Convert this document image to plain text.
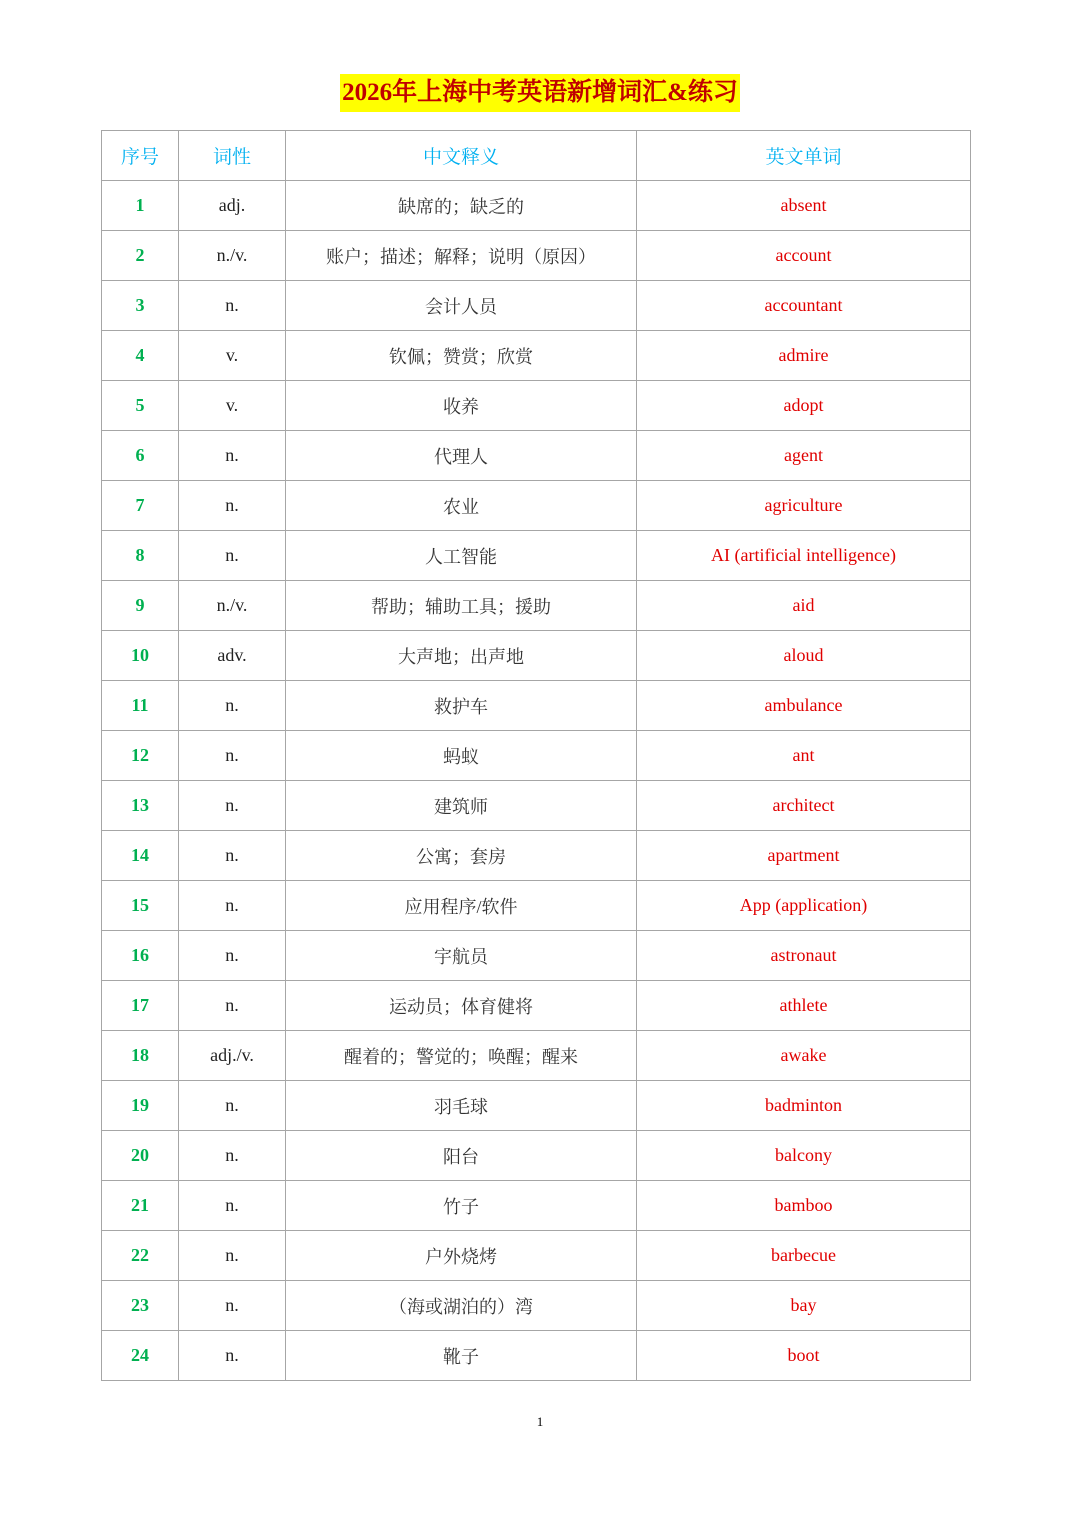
2026年上海中考英语新增词汇&练习
序号	词性	中文释义	英文单词
1	adj.	缺席的；缺乏的	absent
2	n./v.	账户；描述；解释；说明（原因）	account
3	n.	会计人员	accountant
4	v.	钦佩；赞赏；欣赏	admire
5	v.	收养	adopt
6	n.	代理人	agent
7	n.	农业	agriculture
8	n.	人工智能	AI (artificial intelligence)
9	n./v.	帮助；辅助工具；援助	aid
10	adv.	大声地；出声地	aloud
11	n.	救护车	ambulance
12	n.	蚂蚁	ant
13	n.	建筑师	architect
14	n.	公寓；套房	apartment
15	n.	应用程序/软件	App (application)
16	n.	宇航员	astronaut
17	n.	运动员；体育健将	athlete
18	adj./v.	醒着的；警觉的；唤醒；醒来	awake
19	n.	羽毛球	badminton
20	n.	阳台	balcony
21	n.	竹子	bamboo
22	n.	户外烧烤	barbecue
23	n.	（海或湖泊的）湾	bay
24	n.	靴子	boot
1
